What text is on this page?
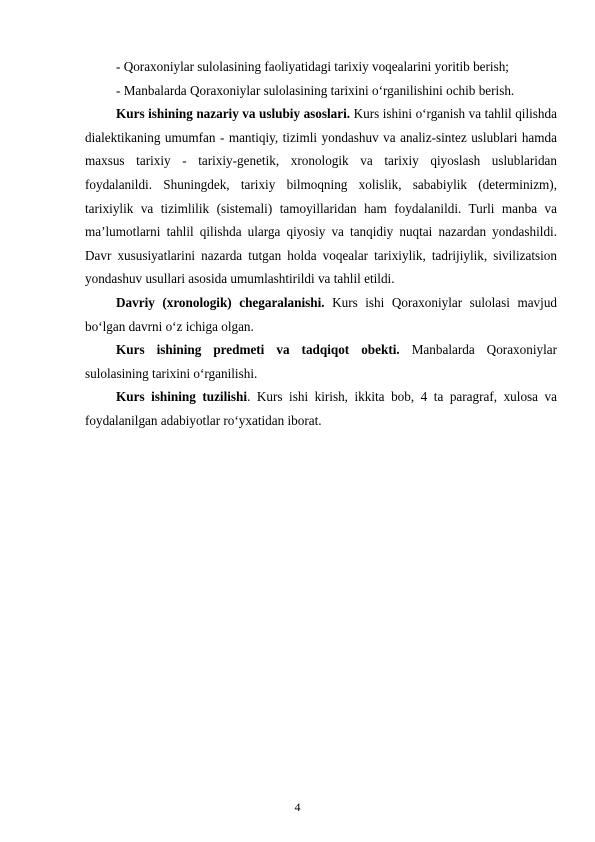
- Qoraxoniylar sulolasining faoliyatidagi tarixiy voqealarini yoritib berish;

- Manbalarda Qoraxoniylar sulolasining tarixini o‘rganilishini ochib berish.

Kurs ishining nazariy va uslubiy asoslari. Kurs ishini o‘rganish va tahlil qilishda dialektikaning umumfan - mantiqiy, tizimli yondashuv va analiz-sintez uslublari hamda maxsus tarixiy - tarixiy-genetik, xronologik va tarixiy qiyoslash uslublaridan foydalanildi. Shuningdek, tarixiy bilmoqning xolislik, sababiylik (determinizm), tarixiylik va tizimlilik (sistemali) tamoyillaridan ham foydalanildi. Turli manba va ma’lumotlarni tahlil qilishda ularga qiyosiy va tanqidiy nuqtai nazardan yondashildi. Davr xususiyatlarini nazarda tutgan holda voqealar tarixiylik, tadrijiylik, sivilizatsion yondashuv usullari asosida umumlashtirildi va tahlil etildi.

Davriy (xronologik) chegaralanishi. Kurs ishi Qoraxoniylar sulolasi mavjud bo‘lgan davrni o‘z ichiga olgan.

Kurs ishining predmeti va tadqiqot obekti. Manbalarda Qoraxoniylar sulolasining tarixini o‘rganilishi.

Kurs ishining tuzilishi. Kurs ishi kirish, ikkita bob, 4 ta paragraf, xulosa va foydalanilgan adabiyotlar ro‘yxatidan iborat.

4
